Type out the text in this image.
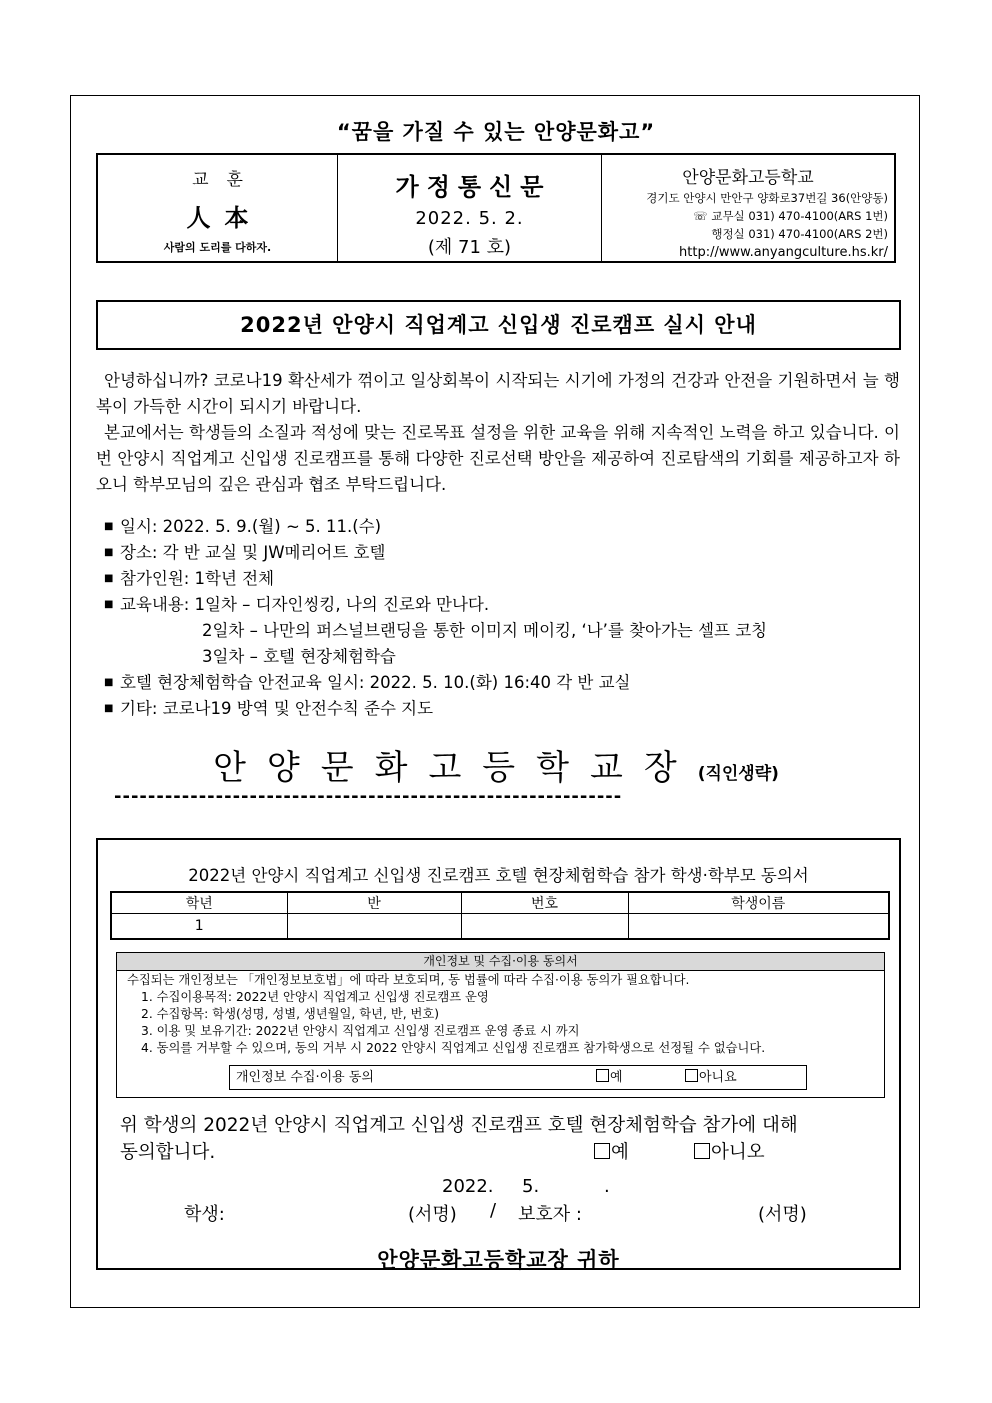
“꿈을 가질 수 있는 안양문화고”
교훈
人本
사람의 도리를 다하자.
가정통신문
2022. 5. 2.
(제 71 호)
안양문화고등학교
경기도 안양시 만안구 양화로37번길 36(안양동)
☏ 교무실 031) 470-4100(ARS 1번)
행정실 031) 470-4100(ARS 2번)
http://www.anyangculture.hs.kr/
2022년 안양시 직업계고 신입생 진로캠프 실시 안내

안녕하십니까? 코로나19 확산세가 꺾이고 일상회복이 시작되는 시기에 가정의 건강과 안전을 기원하면서 늘 행복이 가득한 시간이 되시기 바랍니다.

본교에서는 학생들의 소질과 적성에 맞는 진로목표 설정을 위한 교육을 위해 지속적인 노력을 하고 있습니다. 이번 안양시 직업계고 신입생 진로캠프를 통해 다양한 진로선택 방안을 제공하여 진로탐색의 기회를 제공하고자 하오니 학부모님의 깊은 관심과 협조 부탁드립니다.

■ 일시: 2022. 5. 9.(월) ~ 5. 11.(수)
■ 장소: 각 반 교실 및 JW메리어트 호텔
■ 참가인원: 1학년 전체
■ 교육내용: 1일차 – 디자인씽킹, 나의 진로와 만나다.
2일차 – 나만의 퍼스널브랜딩을 통한 이미지 메이킹, ‘나’를 찾아가는 셀프 코칭
3일차 – 호텔 현장체험학습
■ 호텔 현장체험학습 안전교육 일시: 2022. 5. 10.(화) 16:40 각 반 교실
■ 기타: 코로나19 방역 및 안전수칙 준수 지도
안양문화고등학교장(직인생략)
------------------------------------------------------------
2022년 안양시 직업계고 신입생 진로캠프 호텔 현장체험학습 참가 학생·학부모 동의서
학년	반	번호	학생이름
1			
개인정보 및 수집·이용 동의서
수집되는 개인정보는 「개인정보보호법」에 따라 보호되며, 동 법률에 따라 수집·이용 동의가 필요합니다.
1. 수집이용목적: 2022년 안양시 직업계고 신입생 진로캠프 운영
2. 수집항목: 학생(성명, 성별, 생년월일, 학년, 반, 번호)
3. 이용 및 보유기간: 2022년 안양시 직업계고 신입생 진로캠프 운영 종료 시 까지
4. 동의를 거부할 수 있으며, 동의 거부 시 2022 안양시 직업계고 신입생 진로캠프 참가학생으로 선정될 수 없습니다.
개인정보 수집·이용 동의	예	아니요
위 학생의 2022년 안양시 직업계고 신입생 진로캠프 호텔 현장체험학습 참가에 대해
동의합니다.	예	아니오
2022. 5.	.
학생:	(서명) / 보호자 :	(서명)
안양문화고등학교장 귀하
